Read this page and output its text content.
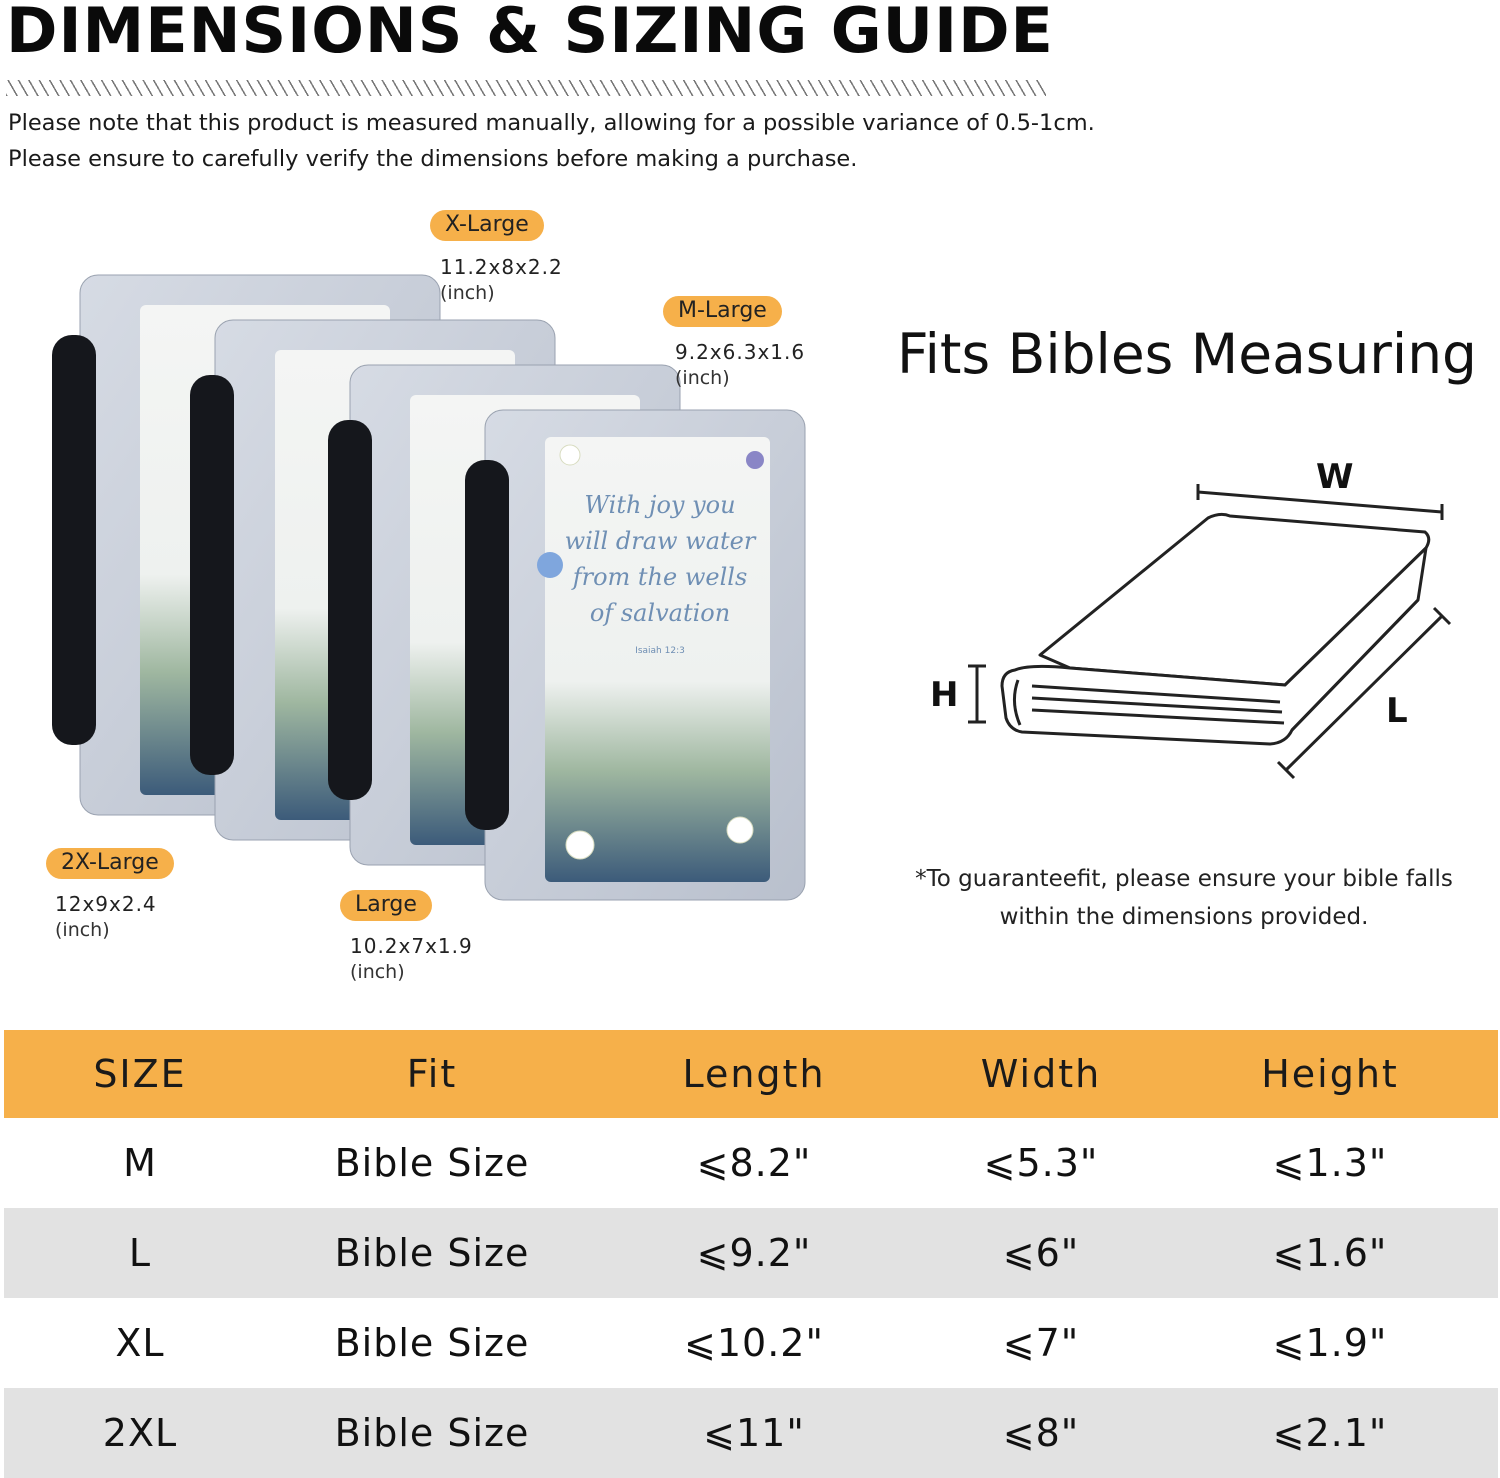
DIMENSIONS & SIZING GUIDE
Please note that this product is measured manually, allowing for a possible variance of 0.5-1cm.
Please ensure to carefully verify the dimensions before making a purchase.
With joy you
will draw water
from the wells
of salvation
Isaiah 12:3
X-Large
11.2x8x2.2
(inch)
M-Large
9.2x6.3x1.6
(inch)
2X-Large
12x9x2.4
(inch)
Large
10.2x7x1.9
(inch)
Fits Bibles Measuring
W
H	L
*To guaranteefit, please ensure your bible falls
within the dimensions provided.
SIZE	Fit	Length	Width	Height
M	Bible Size	⩽8.2"	⩽5.3"	⩽1.3"
L	Bible Size	⩽9.2"	⩽6"	⩽1.6"
XL	Bible Size	⩽10.2"	⩽7"	⩽1.9"
2XL	Bible Size	⩽11"	⩽8"	⩽2.1"
